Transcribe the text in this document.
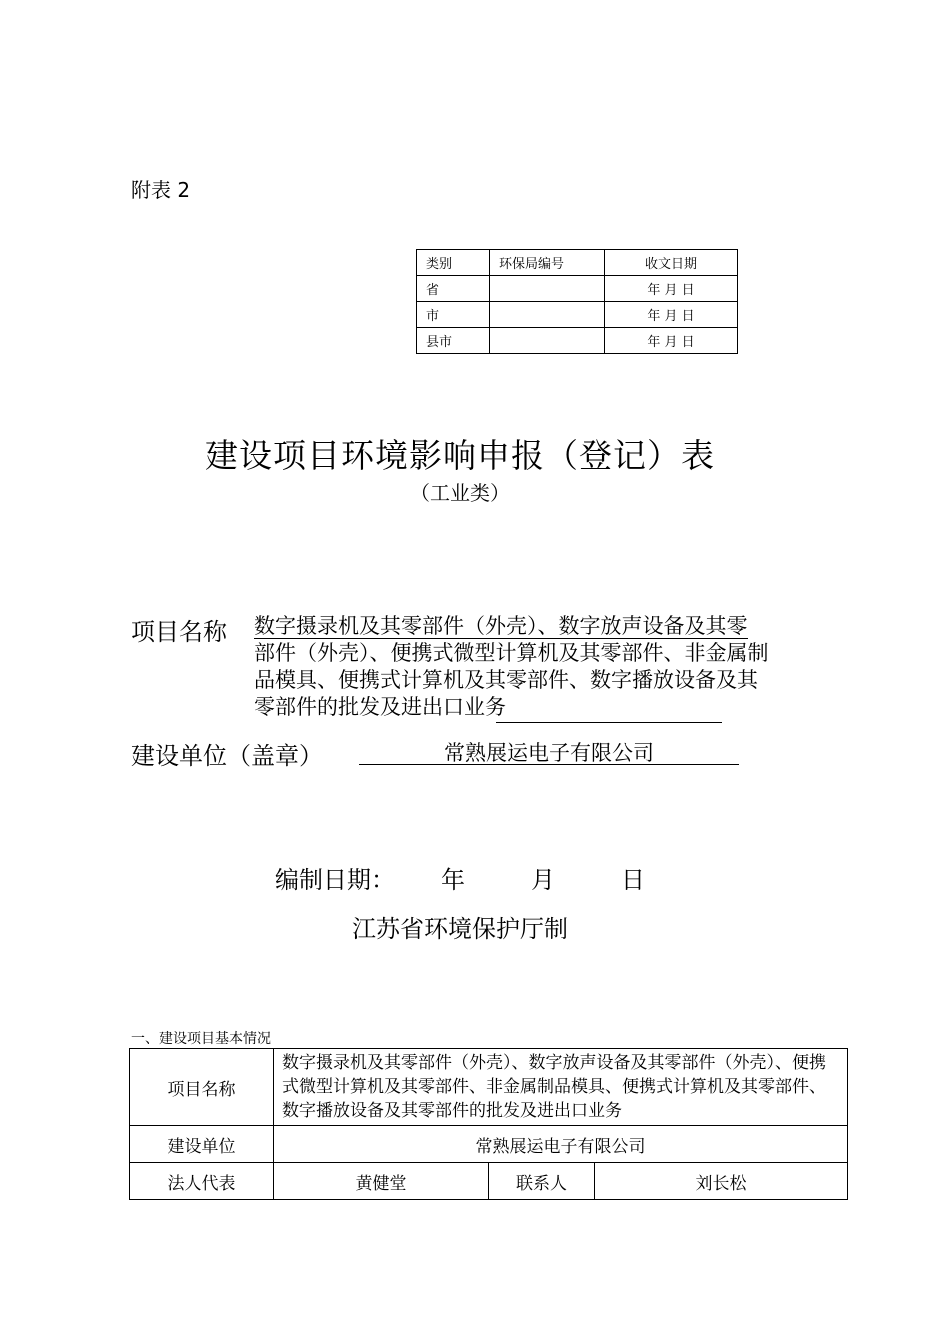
附表 2
类别	环保局编号	收文日期
省		年 月 日
市		年 月 日
县市		年 月 日
建设项目环境影响申报（登记）表
（工业类）
项目名称 数字摄录机及其零部件（外壳）、数字放声设备及其零
部件（外壳）、便携式微型计算机及其零部件、非金属制
品模具、便携式计算机及其零部件、数字播放设备及其
零部件的批发及进出口业务
建设单位（盖章）	常熟展运电子有限公司
编制日期： 年	月	日
江苏省环境保护厅制
一、建设项目基本情况
项目名称	数字摄录机及其零部件（外壳）、数字放声设备及其零部件（外壳）、便携式微型计算机及其零部件、非金属制品模具、便携式计算机及其零部件、数字播放设备及其零部件的批发及进出口业务		
建设单位	常熟展运电子有限公司		
法人代表	黄健堂	联系人	刘长松
